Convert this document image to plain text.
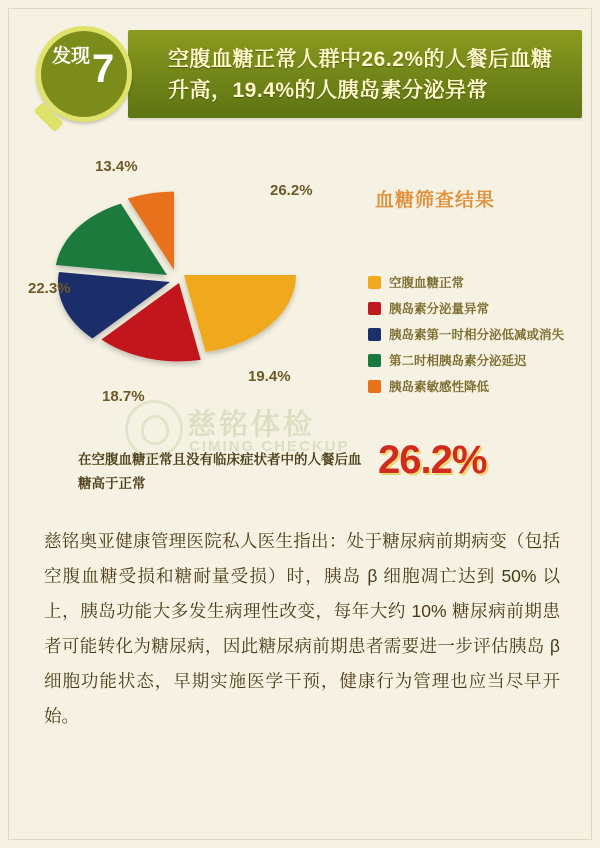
空腹血糖正常人群中26.2%的人餐后血糖升高，19.4%的人胰岛素分泌异常
发现 7
26.2%
19.4%
18.7%
22.3%
13.4%
血糖筛查结果
空腹血糖正常
胰岛素分泌量异常
胰岛素第一时相分泌低减或消失
第二时相胰岛素分泌延迟
胰岛素敏感性降低
慈铭体检
CIMING CHECKUP
在空腹血糖正常且没有临床症状者中的人餐后血糖高于正常
26.2%
慈铭奥亚健康管理医院私人医生指出：处于糖尿病前期病变（包括空腹血糖受损和糖耐量受损）时，胰岛 β 细胞凋亡达到 50% 以上，胰岛功能大多发生病理性改变，每年大约 10% 糖尿病前期患者可能转化为糖尿病，因此糖尿病前期患者需要进一步评估胰岛 β 细胞功能状态，早期实施医学干预，健康行为管理也应当尽早开始。
